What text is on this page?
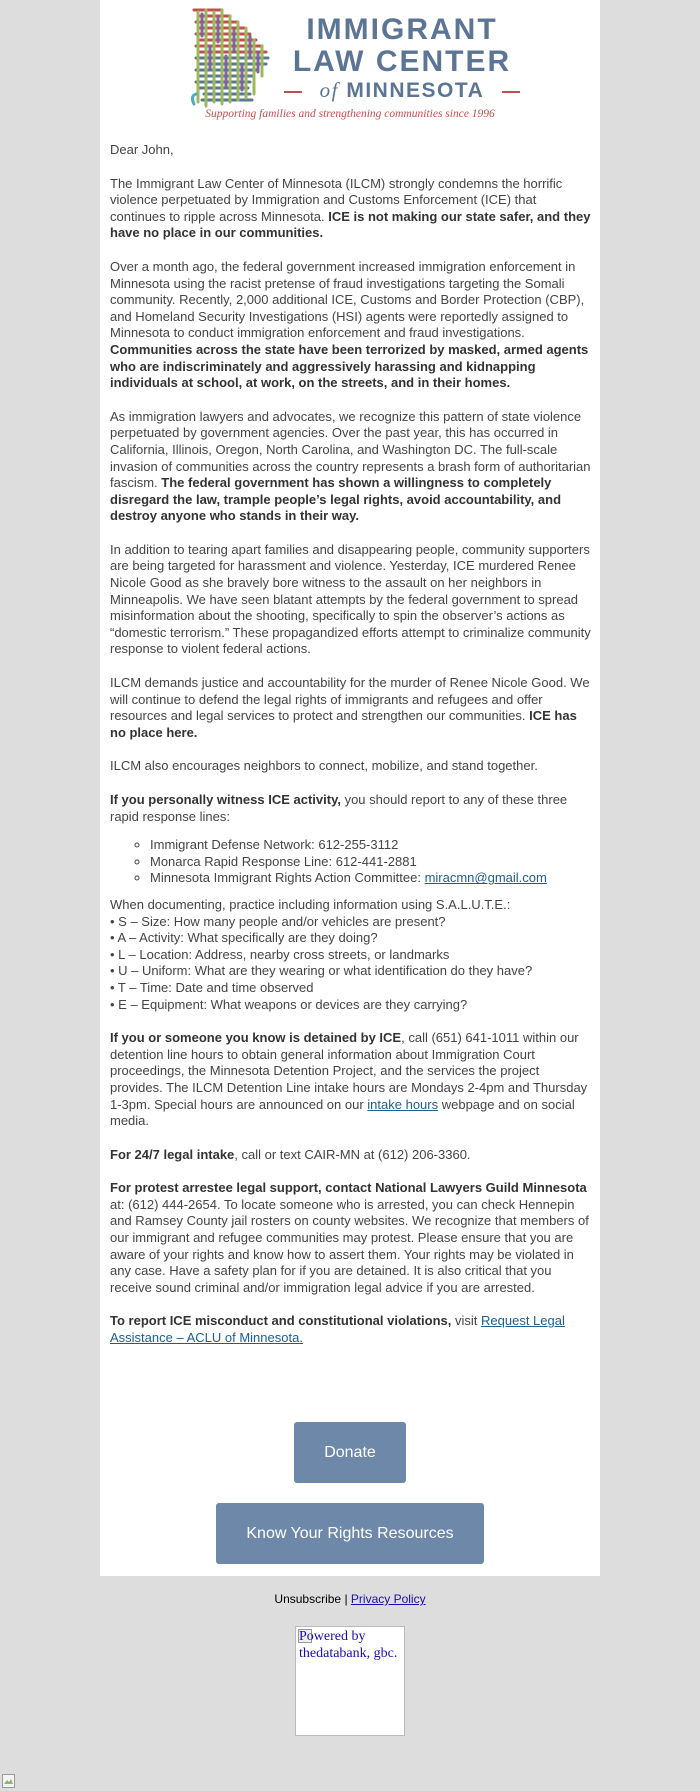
IMMIGRANT
LAW CENTER
of MINNESOTA
Supporting families and strengthening communities since 1996

Dear John,

The Immigrant Law Center of Minnesota (ILCM) strongly condemns the horrific violence perpetuated by Immigration and Customs Enforcement (ICE) that continues to ripple across Minnesota. ICE is not making our state safer, and they have no place in our communities.

Over a month ago, the federal government increased immigration enforcement in Minnesota using the racist pretense of fraud investigations targeting the Somali community. Recently, 2,000 additional ICE, Customs and Border Protection (CBP), and Homeland Security Investigations (HSI) agents were reportedly assigned to Minnesota to conduct immigration enforcement and fraud investigations. Communities across the state have been terrorized by masked, armed agents who are indiscriminately and aggressively harassing and kidnapping individuals at school, at work, on the streets, and in their homes.

As immigration lawyers and advocates, we recognize this pattern of state violence perpetuated by government agencies. Over the past year, this has occurred in California, Illinois, Oregon, North Carolina, and Washington DC. The full-scale invasion of communities across the country represents a brash form of authoritarian fascism. The federal government has shown a willingness to completely disregard the law, trample people’s legal rights, avoid accountability, and destroy anyone who stands in their way.

In addition to tearing apart families and disappearing people, community supporters are being targeted for harassment and violence. Yesterday, ICE murdered Renee Nicole Good as she bravely bore witness to the assault on her neighbors in Minneapolis. We have seen blatant attempts by the federal government to spread misinformation about the shooting, specifically to spin the observer’s actions as “domestic terrorism.” These propagandized efforts attempt to criminalize community response to violent federal actions.

ILCM demands justice and accountability for the murder of Renee Nicole Good. We will continue to defend the legal rights of immigrants and refugees and offer resources and legal services to protect and strengthen our communities. ICE has no place here.

ILCM also encourages neighbors to connect, mobilize, and stand together.

If you personally witness ICE activity, you should report to any of these three rapid response lines:

◦ Immigrant Defense Network: 612-255-3112
◦ Monarca Rapid Response Line: 612-441-2881
◦ Minnesota Immigrant Rights Action Committee: miracmn@gmail.com

When documenting, practice including information using S.A.L.U.T.E.:
• S – Size: How many people and/or vehicles are present?
• A – Activity: What specifically are they doing?
• L – Location: Address, nearby cross streets, or landmarks
• U – Uniform: What are they wearing or what identification do they have?
• T – Time: Date and time observed
• E – Equipment: What weapons or devices are they carrying?

If you or someone you know is detained by ICE, call (651) 641-1011 within our detention line hours to obtain general information about Immigration Court proceedings, the Minnesota Detention Project, and the services the project provides. The ILCM Detention Line intake hours are Mondays 2-4pm and Thursday 1-3pm. Special hours are announced on our intake hours webpage and on social media.

For 24/7 legal intake, call or text CAIR-MN at (612) 206-3360.

For protest arrestee legal support, contact National Lawyers Guild Minnesota at: (612) 444-2654. To locate someone who is arrested, you can check Hennepin and Ramsey County jail rosters on county websites. We recognize that members of our immigrant and refugee communities may protest. Please ensure that you are aware of your rights and know how to assert them. Your rights may be violated in any case. Have a safety plan for if you are detained. It is also critical that you receive sound criminal and/or immigration legal advice if you are arrested.

To report ICE misconduct and constitutional violations, visit Request Legal Assistance – ACLU of Minnesota.

Donate
Know Your Rights Resources
Unsubscribe | Privacy Policy
Powered by thedatabank, gbc.
